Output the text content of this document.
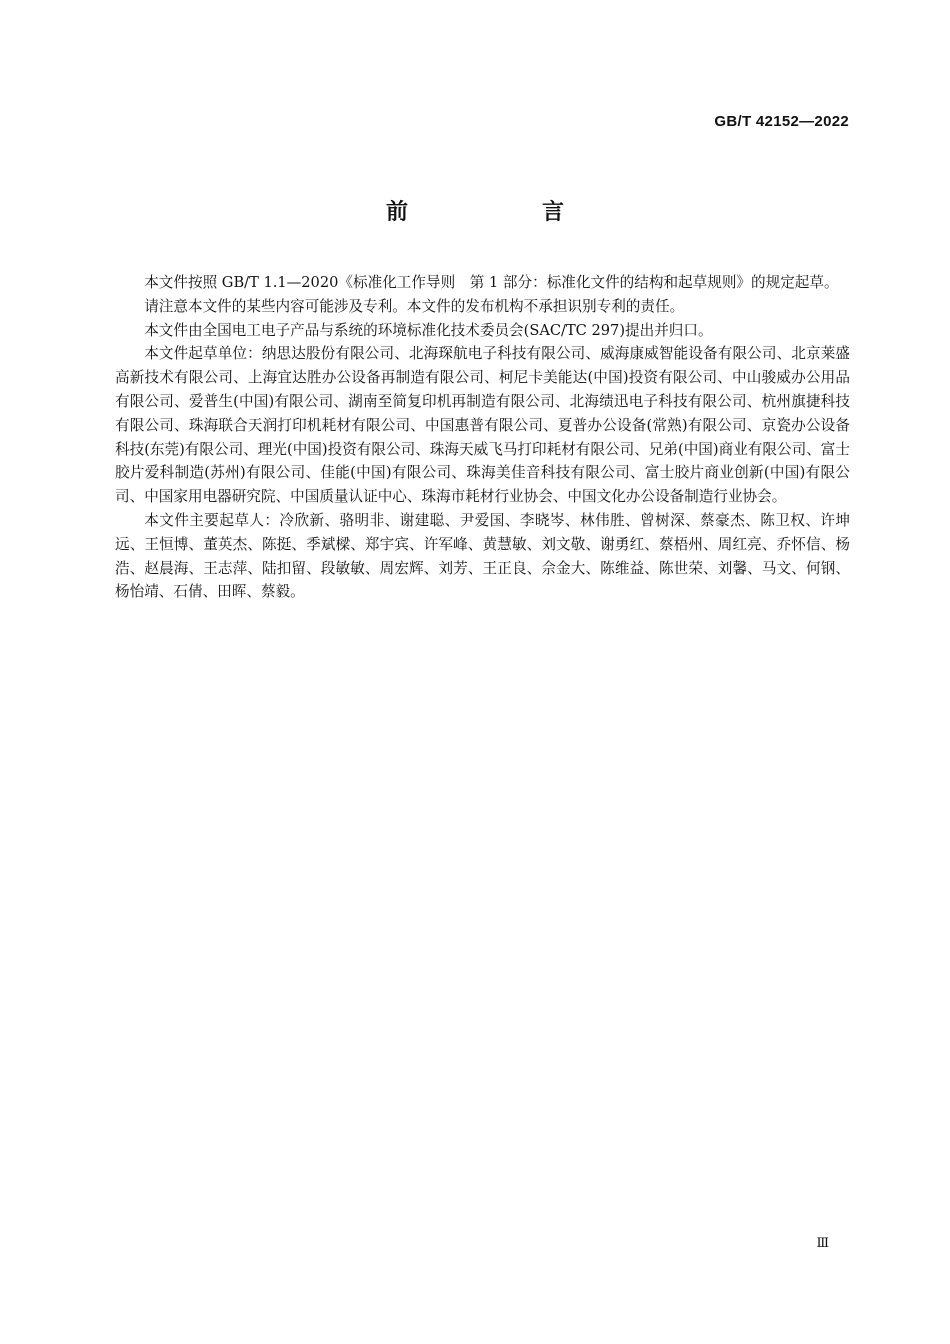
GB/T 42152—2022
前　言

本文件按照 GB/T 1.1—2020《标准化工作导则　第 1 部分：标准化文件的结构和起草规则》的规定起草。

请注意本文件的某些内容可能涉及专利。本文件的发布机构不承担识别专利的责任。

本文件由全国电工电子产品与系统的环境标准化技术委员会(SAC/TC 297)提出并归口。

本文件起草单位：纳思达股份有限公司、北海琛航电子科技有限公司、威海康威智能设备有限公司、北京莱盛高新技术有限公司、上海宜达胜办公设备再制造有限公司、柯尼卡美能达(中国)投资有限公司、中山骏威办公用品有限公司、爱普生(中国)有限公司、湖南至简复印机再制造有限公司、北海绩迅电子科技有限公司、杭州旗捷科技有限公司、珠海联合天润打印机耗材有限公司、中国惠普有限公司、夏普办公设备(常熟)有限公司、京瓷办公设备科技(东莞)有限公司、理光(中国)投资有限公司、珠海天威飞马打印耗材有限公司、兄弟(中国)商业有限公司、富士胶片爱科制造(苏州)有限公司、佳能(中国)有限公司、珠海美佳音科技有限公司、富士胶片商业创新(中国)有限公司、中国家用电器研究院、中国质量认证中心、珠海市耗材行业协会、中国文化办公设备制造行业协会。

本文件主要起草人：冷欣新、骆明非、谢建聪、尹爱国、李晓岑、林伟胜、曾树深、蔡豪杰、陈卫权、许坤远、王恒博、董英杰、陈挺、季斌樑、郑宇宾、许军峰、黄慧敏、刘文敬、谢勇红、蔡梧州、周红亮、乔怀信、杨浩、赵晨海、王志萍、陆扣留、段敏敏、周宏辉、刘芳、王正良、佘金大、陈维益、陈世荣、刘馨、马文、何钢、杨怡靖、石倩、田晖、蔡毅。

Ⅲ
